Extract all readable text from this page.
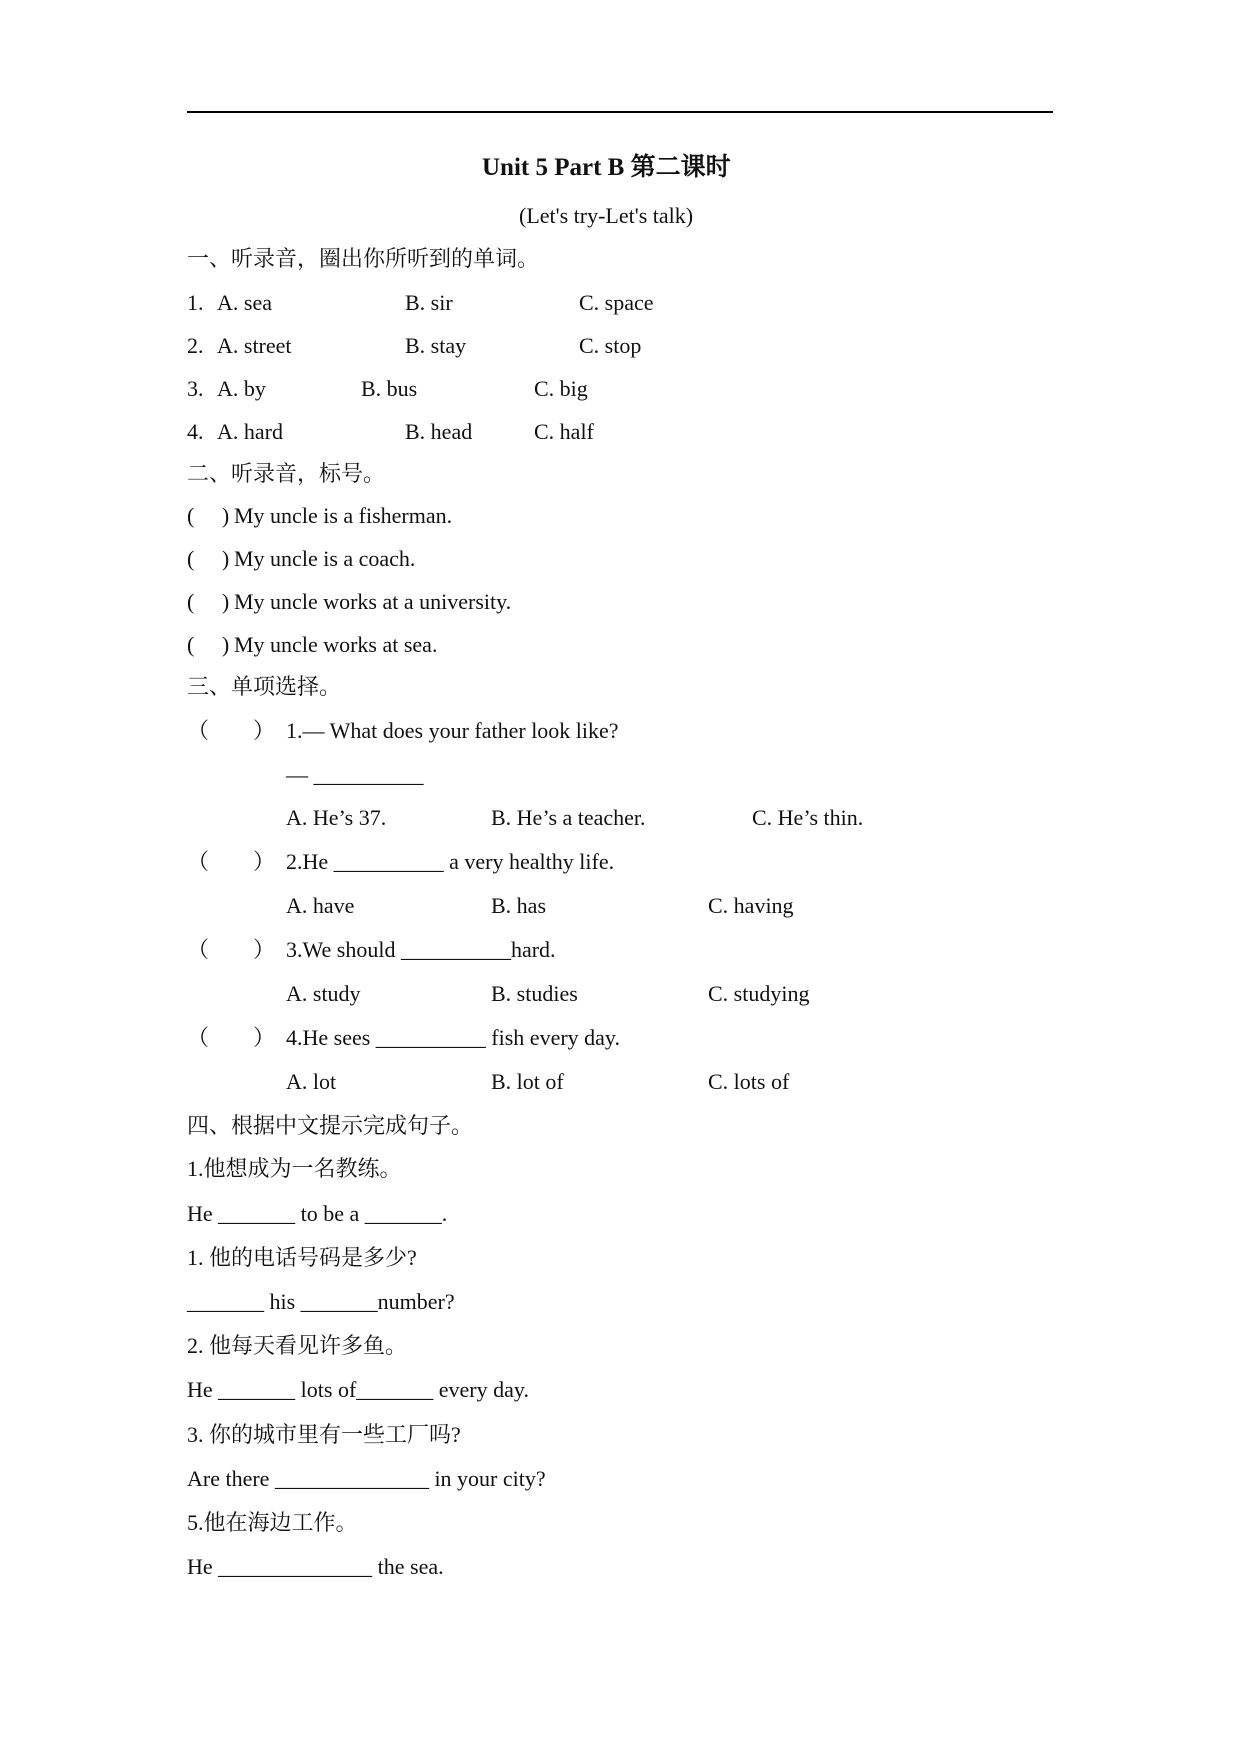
Unit 5 Part B 第二课时
(Let's try-Let's talk)
一、听录音，圈出你所听到的单词。
1. A. sea	B. sir	C. space
2. A. street	B. stay	C. stop
3. A. by	B. bus	C. big
4. A. hard	B. head	C. half
二、听录音，标号。
(     ) My uncle is a fisherman.
(     ) My uncle is a coach.
(     ) My uncle works at a university.
(     ) My uncle works at sea.
三、单项选择。
（        ） 1.— What does your father look like?
— __________
A. He’s 37.	B. He’s a teacher.	C. He’s thin.
（        ） 2.He __________ a very healthy life.
A. have	B. has	C. having
（        ） 3.We should __________hard.
A. study	B. studies	C. studying
（        ） 4.He sees __________ fish every day.
A. lot	B. lot of	C. lots of
四、根据中文提示完成句子。
1.他想成为一名教练。
He _______ to be a _______.
1. 他的电话号码是多少?
_______ his _______number?
2. 他每天看见许多鱼。
He _______ lots of_______ every day.
3. 你的城市里有一些工厂吗?
Are there ______________ in your city?
5.他在海边工作。
He ______________ the sea.
